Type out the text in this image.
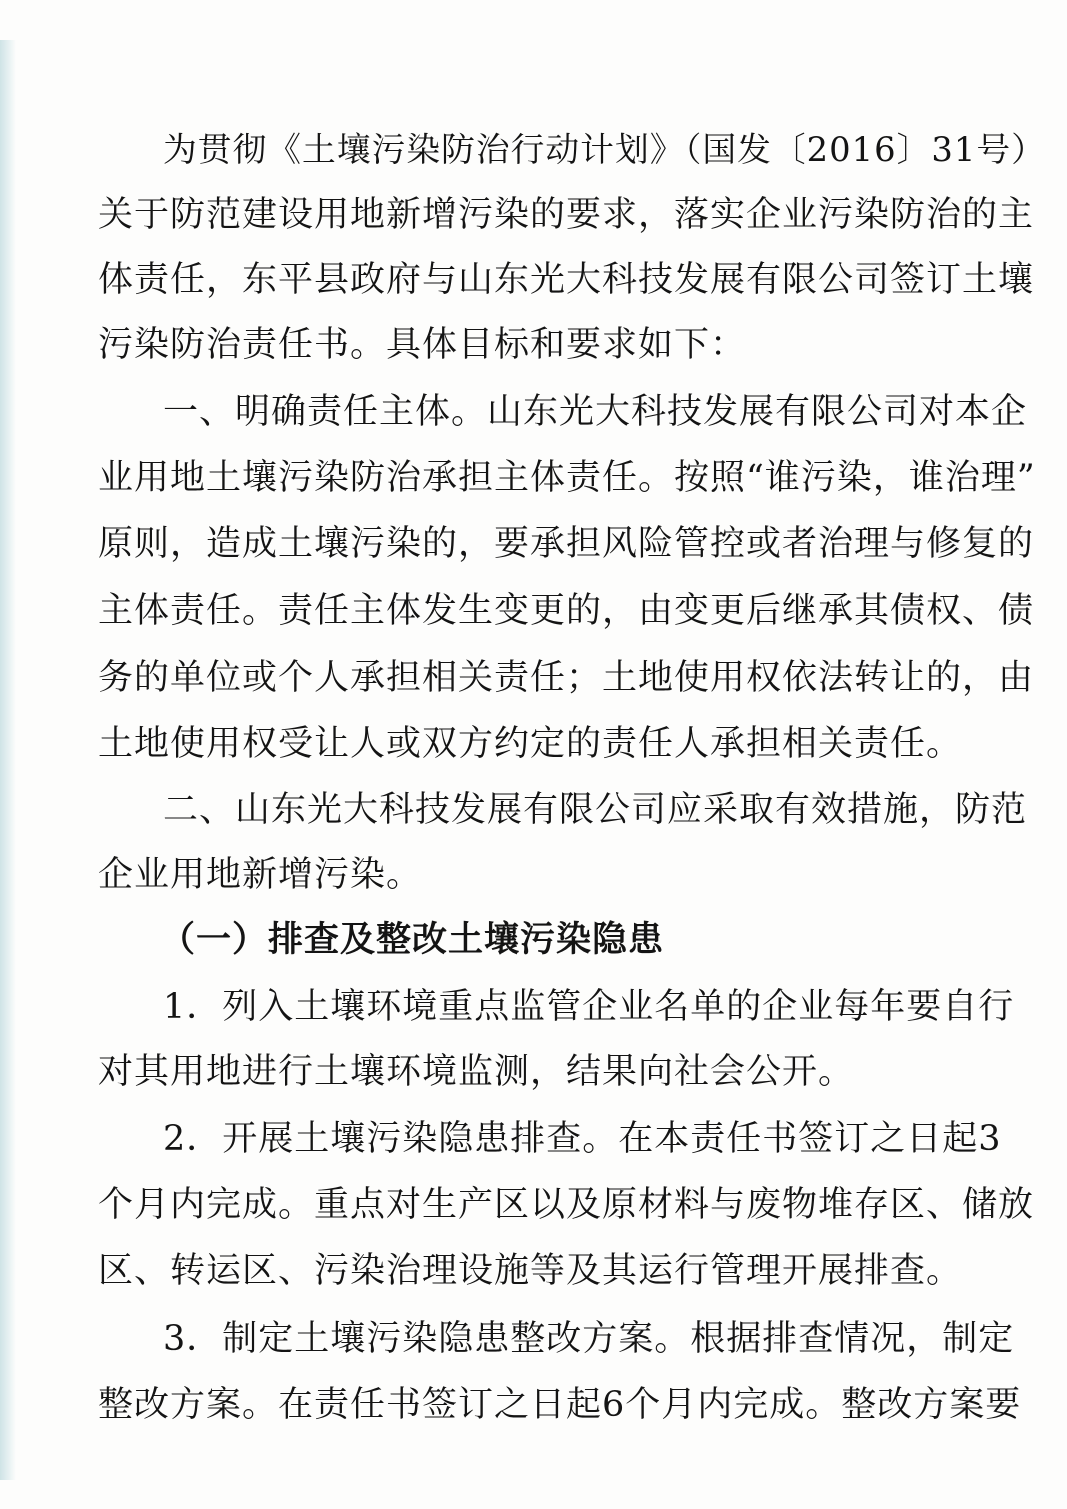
为贯彻《土壤污染防治行动计划》（国发〔2016〕31号）
关于防范建设用地新增污染的要求，落实企业污染防治的主
体责任，东平县政府与山东光大科技发展有限公司签订土壤
污染防治责任书。具体目标和要求如下：
一、明确责任主体。山东光大科技发展有限公司对本企
业用地土壤污染防治承担主体责任。按照“谁污染，谁治理”
原则，造成土壤污染的，要承担风险管控或者治理与修复的
主体责任。责任主体发生变更的，由变更后继承其债权、债
务的单位或个人承担相关责任；土地使用权依法转让的，由
土地使用权受让人或双方约定的责任人承担相关责任。
二、山东光大科技发展有限公司应采取有效措施，防范
企业用地新增污染。
（一）排查及整改土壤污染隐患
1．列入土壤环境重点监管企业名单的企业每年要自行
对其用地进行土壤环境监测，结果向社会公开。
2．开展土壤污染隐患排查。在本责任书签订之日起3
个月内完成。重点对生产区以及原材料与废物堆存区、储放
区、转运区、污染治理设施等及其运行管理开展排查。
3．制定土壤污染隐患整改方案。根据排查情况，制定
整改方案。在责任书签订之日起6个月内完成。整改方案要
